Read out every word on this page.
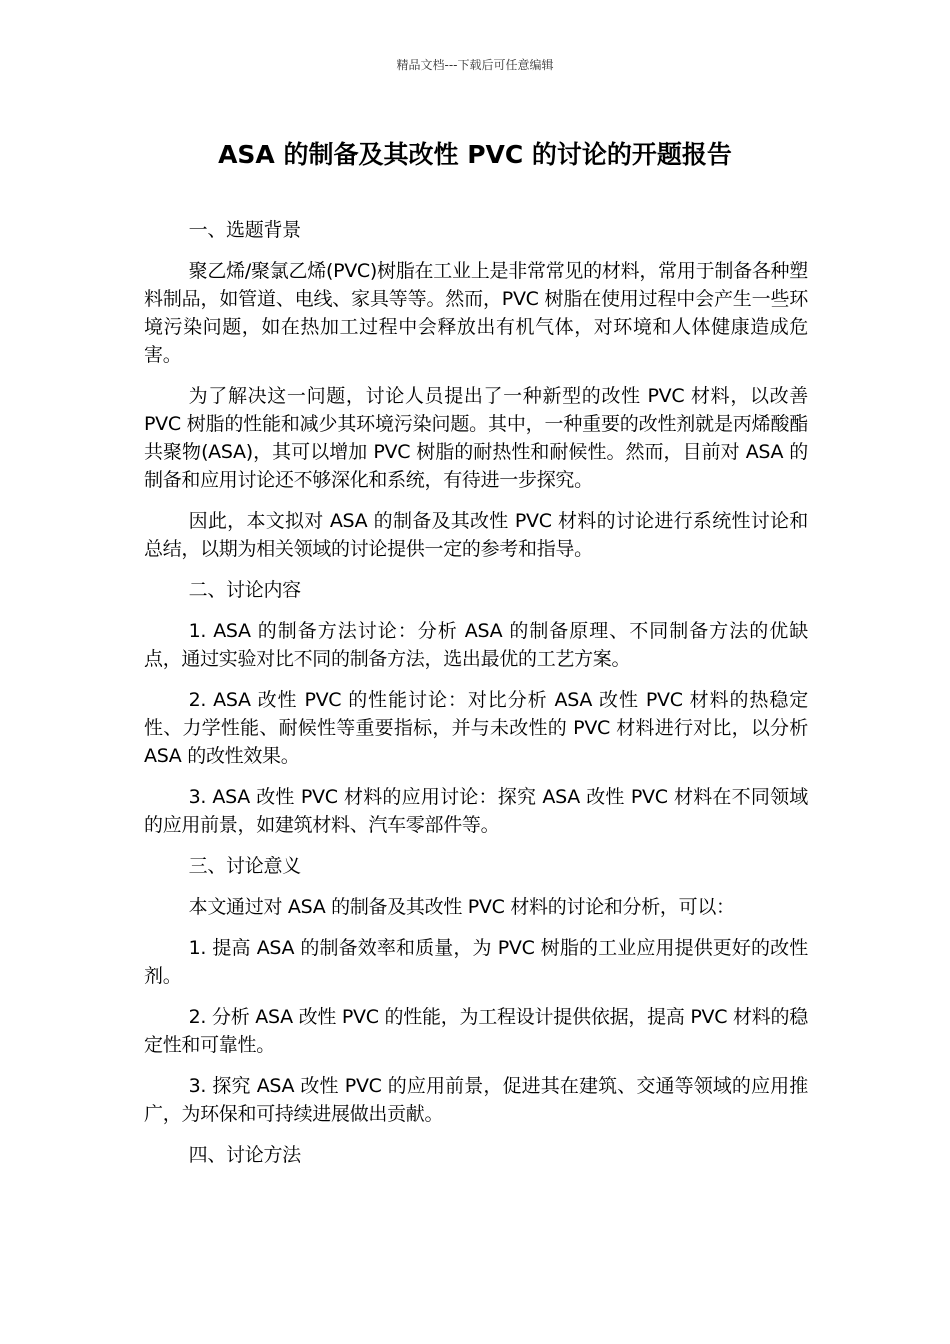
精品文档---下载后可任意编辑
ASA 的制备及其改性 PVC 的讨论的开题报告

一、选题背景

聚乙烯/聚氯乙烯(PVC)树脂在工业上是非常常见的材料，常用于制备各种塑料制品，如管道、电线、家具等等。然而，PVC 树脂在使用过程中会产生一些环境污染问题，如在热加工过程中会释放出有机气体，对环境和人体健康造成危害。

为了解决这一问题，讨论人员提出了一种新型的改性 PVC 材料，以改善 PVC 树脂的性能和减少其环境污染问题。其中，一种重要的改性剂就是丙烯酸酯共聚物(ASA)，其可以增加 PVC 树脂的耐热性和耐候性。然而，目前对 ASA 的制备和应用讨论还不够深化和系统，有待进一步探究。

因此，本文拟对 ASA 的制备及其改性 PVC 材料的讨论进行系统性讨论和总结，以期为相关领域的讨论提供一定的参考和指导。

二、讨论内容

1. ASA 的制备方法讨论：分析 ASA 的制备原理、不同制备方法的优缺点，通过实验对比不同的制备方法，选出最优的工艺方案。

2. ASA 改性 PVC 的性能讨论：对比分析 ASA 改性 PVC 材料的热稳定性、力学性能、耐候性等重要指标，并与未改性的 PVC 材料进行对比，以分析 ASA 的改性效果。

3. ASA 改性 PVC 材料的应用讨论：探究 ASA 改性 PVC 材料在不同领域的应用前景，如建筑材料、汽车零部件等。

三、讨论意义

本文通过对 ASA 的制备及其改性 PVC 材料的讨论和分析，可以：

1. 提高 ASA 的制备效率和质量，为 PVC 树脂的工业应用提供更好的改性剂。

2. 分析 ASA 改性 PVC 的性能，为工程设计提供依据，提高 PVC 材料的稳定性和可靠性。

3. 探究 ASA 改性 PVC 的应用前景，促进其在建筑、交通等领域的应用推广，为环保和可持续进展做出贡献。

四、讨论方法
